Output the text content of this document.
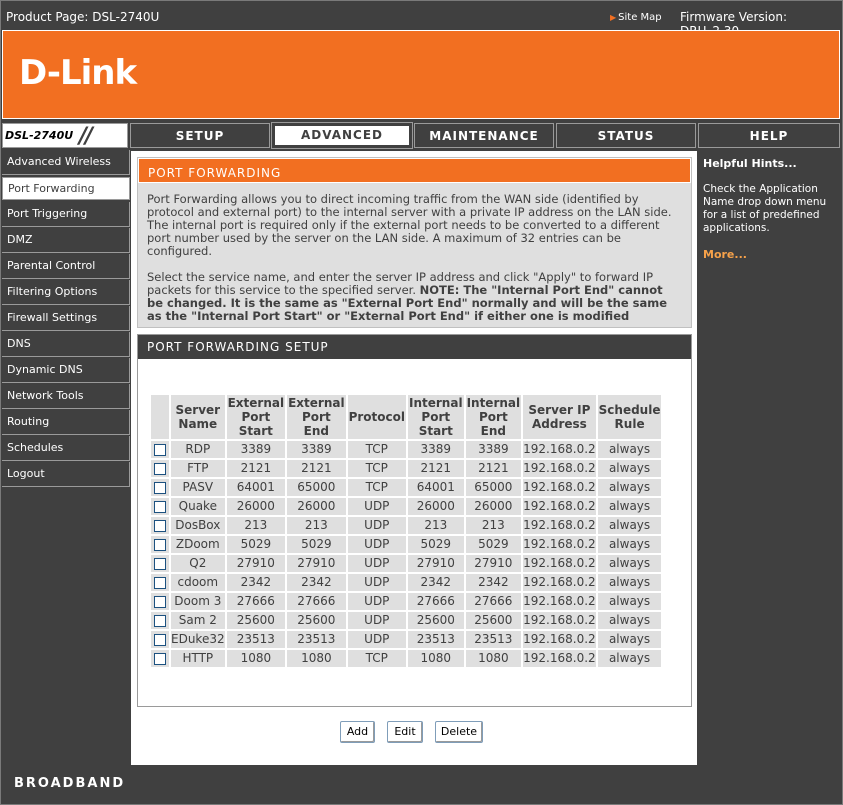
Product Page: DSL-2740U	▶ Site Map Firmware Version:
D-Link
DSL-2740U //	SETUP	ADVANCED	MAINTENANCE	STATUS	HELP
Advanced Wireless
Port Forwarding
Port Triggering
DMZ
Parental Control
Filtering Options
Firewall Settings
DNS
Dynamic DNS
Network Tools
Routing
Schedules
Logout
PORT FORWARDING

Port Forwarding allows you to direct incoming traffic from the WAN side (identified by protocol and external port) to the internal server with a private IP address on the LAN side. The internal port is required only if the external port needs to be converted to a different port number used by the server on the LAN side. A maximum of 32 entries can be configured.

Select the service name, and enter the server IP address and click "Apply" to forward IP packets for this service to the specified server. NOTE: The "Internal Port End" cannot be changed. It is the same as "External Port End" normally and will be the same as the "Internal Port Start" or "External Port End" if either one is modified

PORT FORWARDING SETUP
	Server Name	External Port Start	External Port End	Protocol	Internal Port Start	Internal Port End	Server IP Address	Schedule Rule
	RDP	3389	3389	TCP	3389	3389	192.168.0.2	always
	FTP	2121	2121	TCP	2121	2121	192.168.0.2	always
	PASV	64001	65000	TCP	64001	65000	192.168.0.2	always
	Quake	26000	26000	UDP	26000	26000	192.168.0.2	always
	DosBox	213	213	UDP	213	213	192.168.0.2	always
	ZDoom	5029	5029	UDP	5029	5029	192.168.0.2	always
	Q2	27910	27910	UDP	27910	27910	192.168.0.2	always
	cdoom	2342	2342	UDP	2342	2342	192.168.0.2	always
	Doom 3	27666	27666	UDP	27666	27666	192.168.0.2	always
	Sam 2	25600	25600	UDP	25600	25600	192.168.0.2	always
	EDuke32	23513	23513	UDP	23513	23513	192.168.0.2	always
	HTTP	1080	1080	TCP	1080	1080	192.168.0.2	always
Add	Edit	Delete
Helpful Hints...
Check the Application Name drop down menu for a list of predefined applications.
More...
BROADBAND
